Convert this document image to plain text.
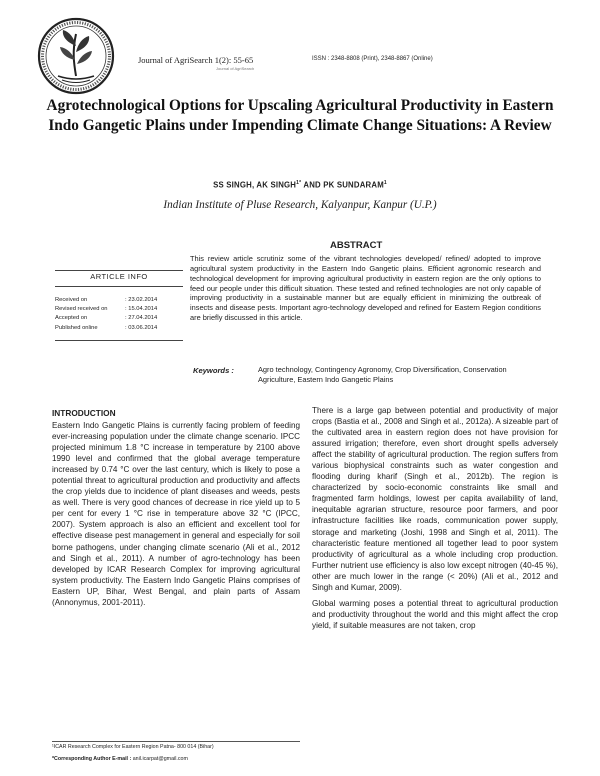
Journal of AgriSearch 1(2): 55-65
Journal of AgriSearch
ISSN : 2348-8808 (Print), 2348-8867 (Online)
Agrotechnological Options for Upscaling Agricultural Productivity in Eastern Indo Gangetic Plains under Impending Climate Change Situations: A Review
SS SINGH, AK $SINGH^{1*}$ AND PK SUNDARAM$^1$
Indian Institute of Pluse Research, Kalyanpur, Kanpur (U.P.)
ABSTRACT
This review article scrutiniz some of the vibrant technologies developed/ refined/ adopted to improve agricultural system productivity in the Eastern Indo Gangetic plains. Efficient agronomic research and technological development for improving agricultural productivity in eastern region are the only options to feed our people under this difficult situation. These tested and refined technologies are not only capable of improving productivity in a sustainable manner but are equally efficient in minimizing the outbreak of insects and disease pests. Important agro-technology developed and refined for Eastern Region conditions are briefly discussed in this article.
ARTICLE INFO
Received on	: 23.02.2014
Revised received on	: 15.04.2014
Accepted on	: 27.04.2014
Published online	: 03.06.2014
Keywords :	Agro technology, Contingency Agronomy, Crop Diversification, Conservation Agriculture, Eastern Indo Gangetic Plains
INTRODUCTION
Eastern Indo Gangetic Plains is currently facing problem of feeding ever-increasing population under the climate change scenario. IPCC projected minimum 1.8 °C increase in temperature by 2100 above 1990 level and confirmed that the global average temperature increased by 0.74 °C over the last century, which is likely to pose a potential threat to agricultural production and productivity and affects the crop yields due to incidence of plant diseases and weeds, pests as well. There is very good chances of decrease in rice yield up to 5 per cent for every 1 °C rise in temperature above 32 °C (IPCC, 2007). System approach is also an efficient and excellent tool for effective disease pest management in general and especially for soil borne pathogens, under changing climate scenario (Ali et al., 2012 and Singh et al., 2011). A number of agro-technology has been developed by ICAR Research Complex for improving agricultural system productivity. The Eastern Indo Gangetic Plains comprises of Eastern UP, Bihar, West Bengal, and plain parts of Assam (Annonymus, 2001-2011).

There is a large gap between potential and productivity of major crops (Bastia et al., 2008 and Singh et al., 2012a). A sizeable part of the cultivated area in eastern region does not have provision for assured irrigation; therefore, even short drought spells adversely affect the stability of agricultural production. The region suffers from various biophysical constraints such as water congestion and flooding during kharif (Singh et al., 2012b). The region is characterized by socio-economic constraints like small and fragmented farm holdings, lowest per capita availability of land, inequitable agrarian structure, resource poor farmers, and poor infrastructure facilities like roads, communication power supply, storage and marketing (Joshi, 1998 and Singh et al, 2011). The characteristic feature mentioned all together lead to poor system productivity of agricultural as a whole including crop production. Further nutrient use efficiency is also low except nitrogen (40-45 %), other are much lower in the range (< 20%) (Ali et al., 2012 and Singh and Kumar, 2009).

Global warming poses a potential threat to agricultural production and productivity throughout the world and this might affect the crop yield, if suitable measures are not taken, crop

¹ICAR Research Complex for Eastern Region Patna- 800 014 (Bihar)
*Corresponding Author E-mail : anil.icarpat@gmail.com
